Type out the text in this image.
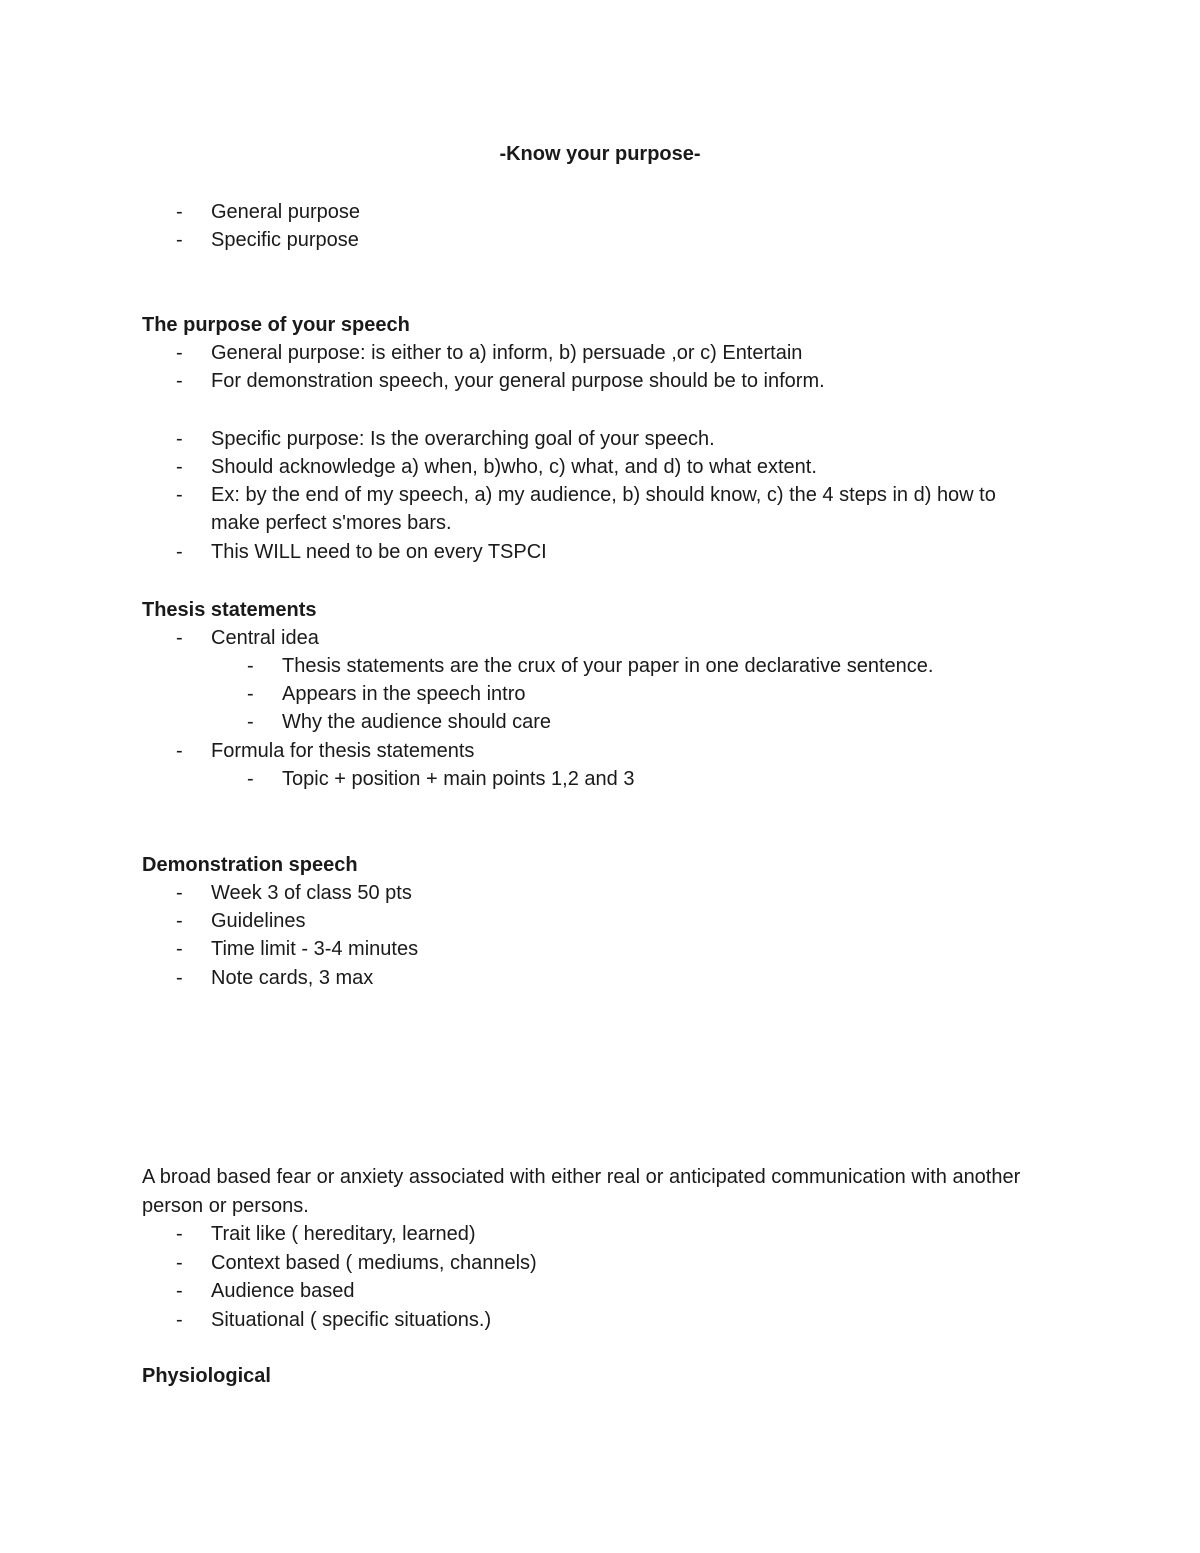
-Know your purpose-
- General purpose
- Specific purpose
The purpose of your speech
- General purpose: is either to a) inform, b) persuade ,or c) Entertain
- For demonstration speech, your general purpose should be to inform.
- Specific purpose: Is the overarching goal of your speech.
- Should acknowledge a) when, b)who, c) what, and d) to what extent.
- Ex: by the end of my speech, a) my audience, b) should know, c) the 4 steps in d) how to
make perfect s'mores bars.
- This WILL need to be on every TSPCI
Thesis statements
- Central idea
- Thesis statements are the crux of your paper in one declarative sentence.
- Appears in the speech intro
- Why the audience should care
- Formula for thesis statements
- Topic + position + main points 1,2 and 3
Demonstration speech
- Week 3 of class 50 pts
- Guidelines
- Time limit - 3-4 minutes
- Note cards, 3 max
A broad based fear or anxiety associated with either real or anticipated communication with another person or persons.
- Trait like ( hereditary, learned)
- Context based ( mediums, channels)
- Audience based
- Situational ( specific situations.)
Physiological
